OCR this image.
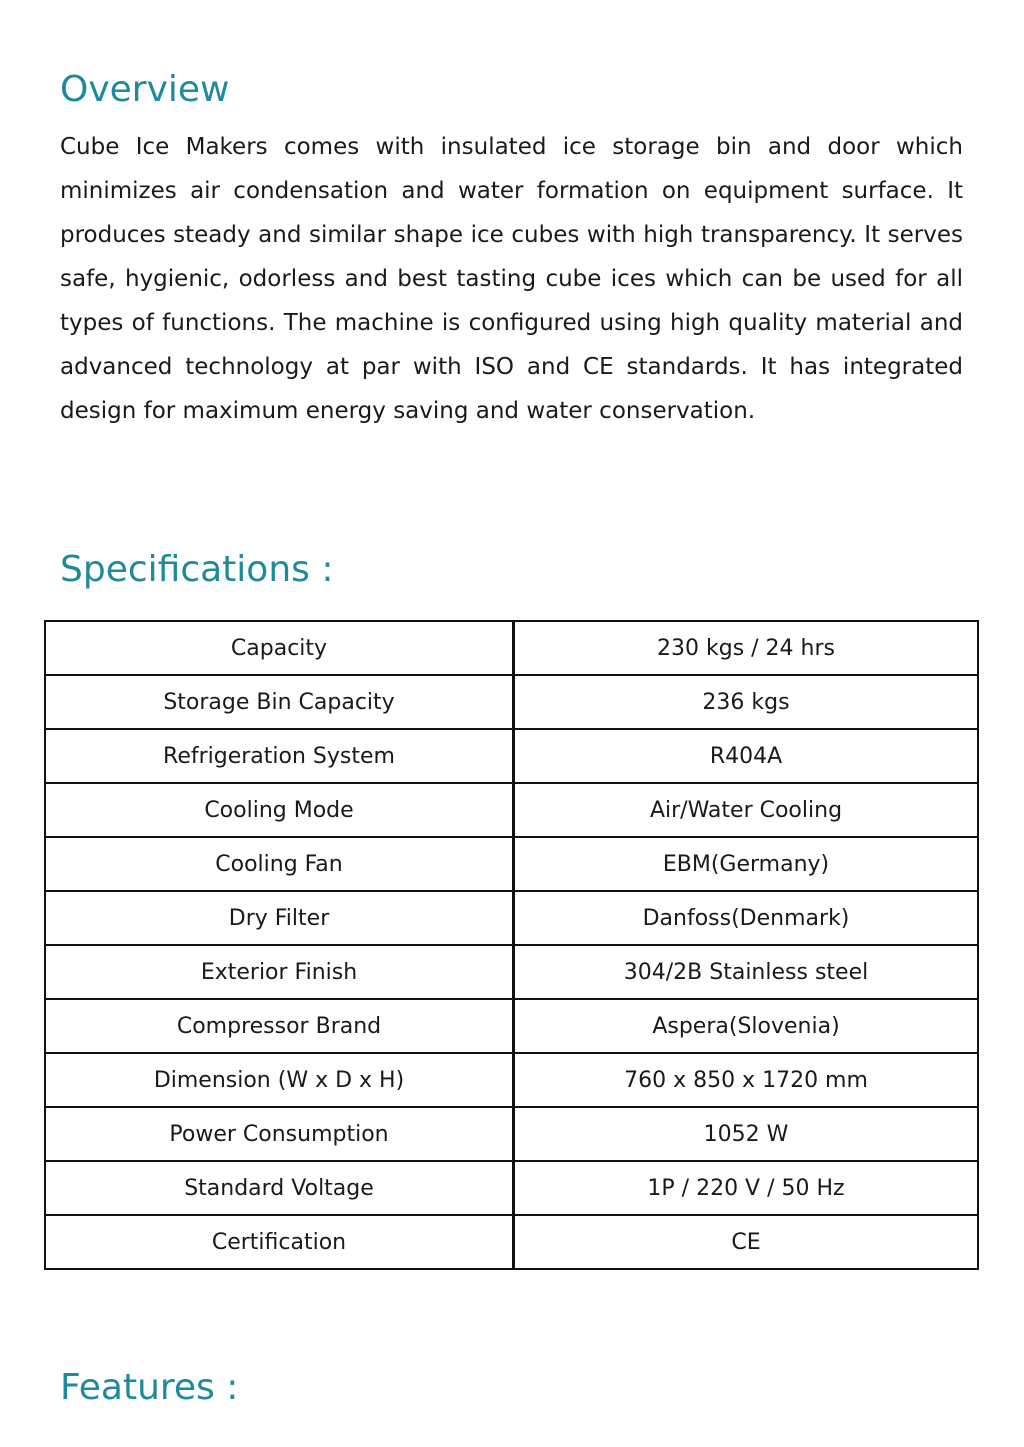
Overview

Cube Ice Makers comes with insulated ice storage bin and door which minimizes air condensation and water formation on equipment surface. It produces steady and similar shape ice cubes with high transparency. It serves safe, hygienic, odorless and best tasting cube ices which can be used for all types of functions. The machine is configured using high quality material and advanced technology at par with ISO and CE standards. It has integrated design for maximum energy saving and water conservation.

Specifications :
Capacity	230 kgs / 24 hrs
Storage Bin Capacity	236 kgs
Refrigeration System	R404A
Cooling Mode	Air/Water Cooling
Cooling Fan	EBM(Germany)
Dry Filter	Danfoss(Denmark)
Exterior Finish	304/2B Stainless steel
Compressor Brand	Aspera(Slovenia)
Dimension (W x D x H)	760 x 850 x 1720 mm
Power Consumption	1052 W
Standard Voltage	1P / 220 V / 50 Hz
Certification	CE
Features :
